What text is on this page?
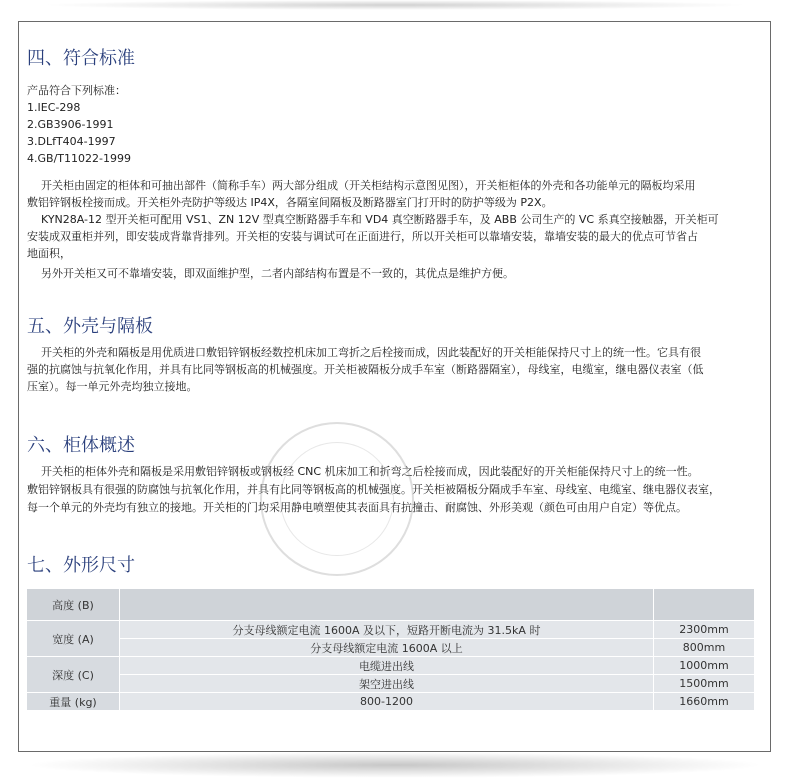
四、符合标准
产品符合下列标准：
1.IEC-298
2.GB3906-1991
3.DLfT404-1997
4.GB/T11022-1999
开关柜由固定的柜体和可抽出部件（简称手车）两大部分组成（开关柜结构示意图见图），开关柜柜体的外壳和各功能单元的隔板均采用
敷铝锌钢板栓接而成。开关柜外壳防护等级达 IP4X，各隔室间隔板及断路器室门打开时的防护等级为 P2X。
KYN28A-12 型开关柜可配用 VS1、ZN 12V 型真空断路器手车和 VD4 真空断路器手车，及 ABB 公司生产的 VC 系真空接触器，开关柜可
安装成双重柜并列，即安装成背靠背排列。开关柜的安装与调试可在正面进行，所以开关柜可以靠墙安装，靠墙安装的最大的优点可节省占
地面积，
另外开关柜又可不靠墙安装，即双面维护型，二者内部结构布置是不一致的，其优点是维护方便。
五、外壳与隔板
开关柜的外壳和隔板是用优质进口敷铝锌钢板经数控机床加工弯折之后栓接而成，因此装配好的开关柜能保持尺寸上的统一性。它具有很
强的抗腐蚀与抗氧化作用，并具有比同等钢板高的机械强度。开关柜被隔板分成手车室（断路器隔室），母线室，电缆室，继电器仪表室（低
压室）。每一单元外壳均独立接地。
六、柜体概述
开关柜的柜体外壳和隔板是采用敷铝锌钢板或钢板经 CNC 机床加工和折弯之后栓接而成，因此装配好的开关柜能保持尺寸上的统一性。
敷铝锌钢板具有很强的防腐蚀与抗氧化作用，并具有比同等钢板高的机械强度。开关柜被隔板分隔成手车室、母线室、电缆室、继电器仪表室，
每一个单元的外壳均有独立的接地。开关柜的门均采用静电喷塑使其表面具有抗撞击、耐腐蚀、外形美观（颜色可由用户自定）等优点。
七、外形尺寸
高度 (B)		
宽度 (A)	分支母线额定电流 1600A 及以下，短路开断电流为 31.5kA 时	2300mm
	分支母线额定电流 1600A 以上	800mm
深度 (C)	电缆进出线	1000mm
	架空进出线	1500mm
重量 (kg)	800-1200	1660mm
